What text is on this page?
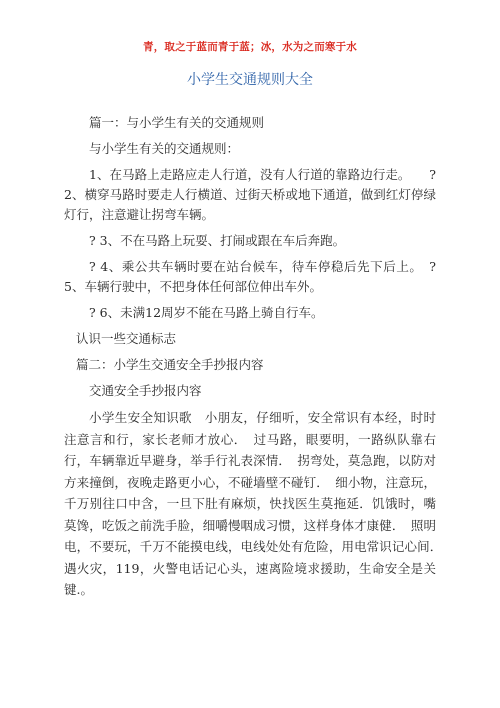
青，取之于蓝而青于蓝；冰，水为之而寒于水
小学生交通规则大全

篇一：与小学生有关的交通规则

与小学生有关的交通规则：

1、在马路上走路应走人行道，没有人行道的靠路边行走。　　? 2、横穿马路时要走人行横道、过街天桥或地下通道，做到红灯停绿灯行，注意避让拐弯车辆。

? 3、不在马路上玩耍、打闹或跟在车后奔跑。

? 4、乘公共车辆时要在站台候车，待车停稳后先下后上。　? 5、车辆行驶中，不把身体任何部位伸出车外。

? 6、未满12周岁不能在马路上骑自行车。

认识一些交通标志

篇二：小学生交通安全手抄报内容

交通安全手抄报内容

小学生安全知识歌　小朋友，仔细听，安全常识有本经，时时注意言和行，家长老师才放心．　过马路，眼要明，一路纵队靠右行，车辆靠近早避身，举手行礼表深情．　拐弯处，莫急跑，以防对方来撞倒，夜晚走路更小心，不碰墙壁不碰钉．　细小物，注意玩，千万别往口中含，一旦下肚有麻烦，快找医生莫拖延．饥饿时，嘴莫馋，吃饭之前洗手脸，细嚼慢咽成习惯，这样身体才康健．　照明电，不要玩，千万不能摸电线，电线处处有危险，用电常识记心间．　遇火灾，119，火警电话记心头，速离险境求援助，生命安全是关键.。
